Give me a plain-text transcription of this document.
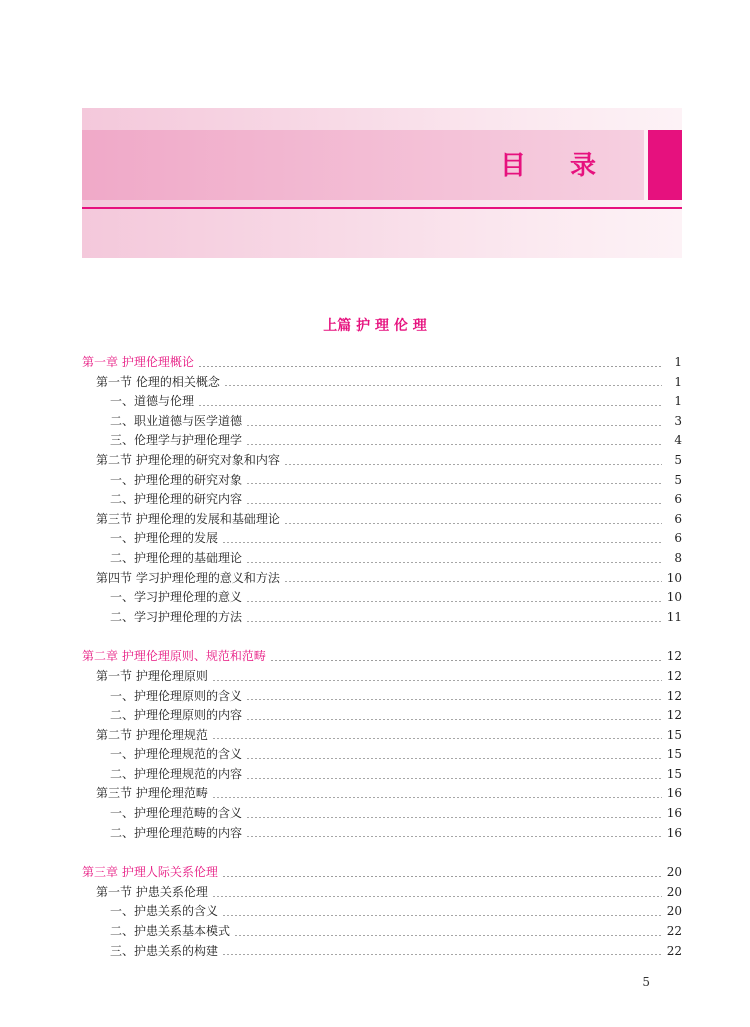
目录
上篇 护 理 伦 理
第一章 护理伦理概论	1
第一节 伦理的相关概念	1
一、道德与伦理	1
二、职业道德与医学道德	3
三、伦理学与护理伦理学	4
第二节 护理伦理的研究对象和内容	5
一、护理伦理的研究对象	5
二、护理伦理的研究内容	6
第三节 护理伦理的发展和基础理论	6
一、护理伦理的发展	6
二、护理伦理的基础理论	8
第四节 学习护理伦理的意义和方法	10
一、学习护理伦理的意义	10
二、学习护理伦理的方法	11
第二章 护理伦理原则、规范和范畴	12
第一节 护理伦理原则	12
一、护理伦理原则的含义	12
二、护理伦理原则的内容	12
第二节 护理伦理规范	15
一、护理伦理规范的含义	15
二、护理伦理规范的内容	15
第三节 护理伦理范畴	16
一、护理伦理范畴的含义	16
二、护理伦理范畴的内容	16
第三章 护理人际关系伦理	20
第一节 护患关系伦理	20
一、护患关系的含义	20
二、护患关系基本模式	22
三、护患关系的构建	22
5
